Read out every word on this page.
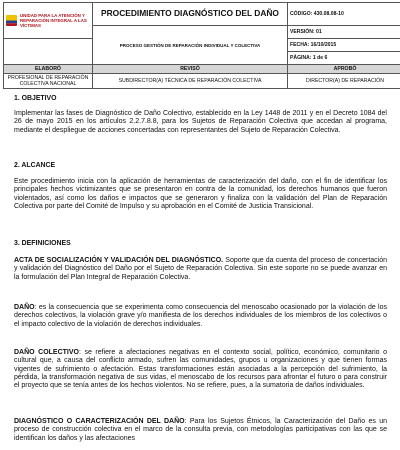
UNIDAD PARA LA ATENCIÓN Y REPARACIÓN INTEGRAL A LAS VÍCTIMAS	PROCEDIMIENTO DIAGNÓSTICO DEL DAÑO	CÓDIGO: 430.08.08-10
	PROCESO GESTIÓN DE REPARACIÓN INDIVIDUAL Y COLECTIVA	VERSIÓN: 01
		FECHA: 16/10/2015
		PÁGINA: 1 de 6
ELABORÓ	REVISÓ	APROBÓ
PROFESIONAL DE REPARACIÓN COLECTIVA NACIONAL	SUBDIRECTOR(A) TÉCNICA DE REPARACIÓN COLECTIVA	DIRECTOR(A) DE REPARACIÓN
1. OBJETIVO

Implementar las fases de Diagnóstico de Daño Colectivo, establecido en la Ley 1448 de 2011 y en el Decreto 1084 del 26 de mayo 2015 en los artículos 2.2.7.8.8, para los Sujetos de Reparación Colectiva que accedan al programa, mediante el despliegue de acciones concertadas con representantes del Sujeto de Reparación Colectiva.

2. ALCANCE

Este procedimiento inicia con la aplicación de herramientas de caracterización del daño, con el fin de identificar los principales hechos victimizantes que se presentaron en contra de la comunidad, los derechos humanos que fueron violentados, así como los daños e impactos que se generaron y finaliza con la validación del Plan de Reparación Colectiva por parte del Comité de Impulso y su aprobación en el Comité de Justicia Transicional.

3. DEFINICIONES

ACTA DE SOCIALIZACIÓN Y VALIDACIÓN DEL DIAGNÓSTICO. Soporte que da cuenta del proceso de concertación y validación del Diagnóstico del Daño por el Sujeto de Reparación Colectiva. Sin este soporte no se puede avanzar en la formulación del Plan Integral de Reparación Colectiva.

DAÑO: es la consecuencia que se experimenta como consecuencia del menoscabo ocasionado por la violación de los derechos colectivos, la violación grave y/o manifiesta de los derechos individuales de los miembros de los colectivos o el impacto colectivo de la violación de derechos individuales.

DAÑO COLECTIVO: se refiere a afectaciones negativas en el contexto social, político, económico, comunitario o cultural que, a causa del conflicto armado, sufren las comunidades, grupos u organizaciones y que tienen formas vigentes de sufrimiento o afectación. Estas transformaciones están asociadas a la percepción del sufrimiento, la pérdida, la transformación negativa de sus vidas, el menoscabo de los recursos para afrontar el futuro o para construir el proyecto que se tenía antes de los hechos violentos. No se refiere, pues, a la sumatoria de daños individuales.

DIAGNÓSTICO O CARACTERIZACIÓN DEL DAÑO: Para los Sujetos Étnicos, la Caracterización del Daño es un proceso de construcción colectiva en el marco de la consulta previa, con metodologías participativas con las que se identifican los daños y las afectaciones
